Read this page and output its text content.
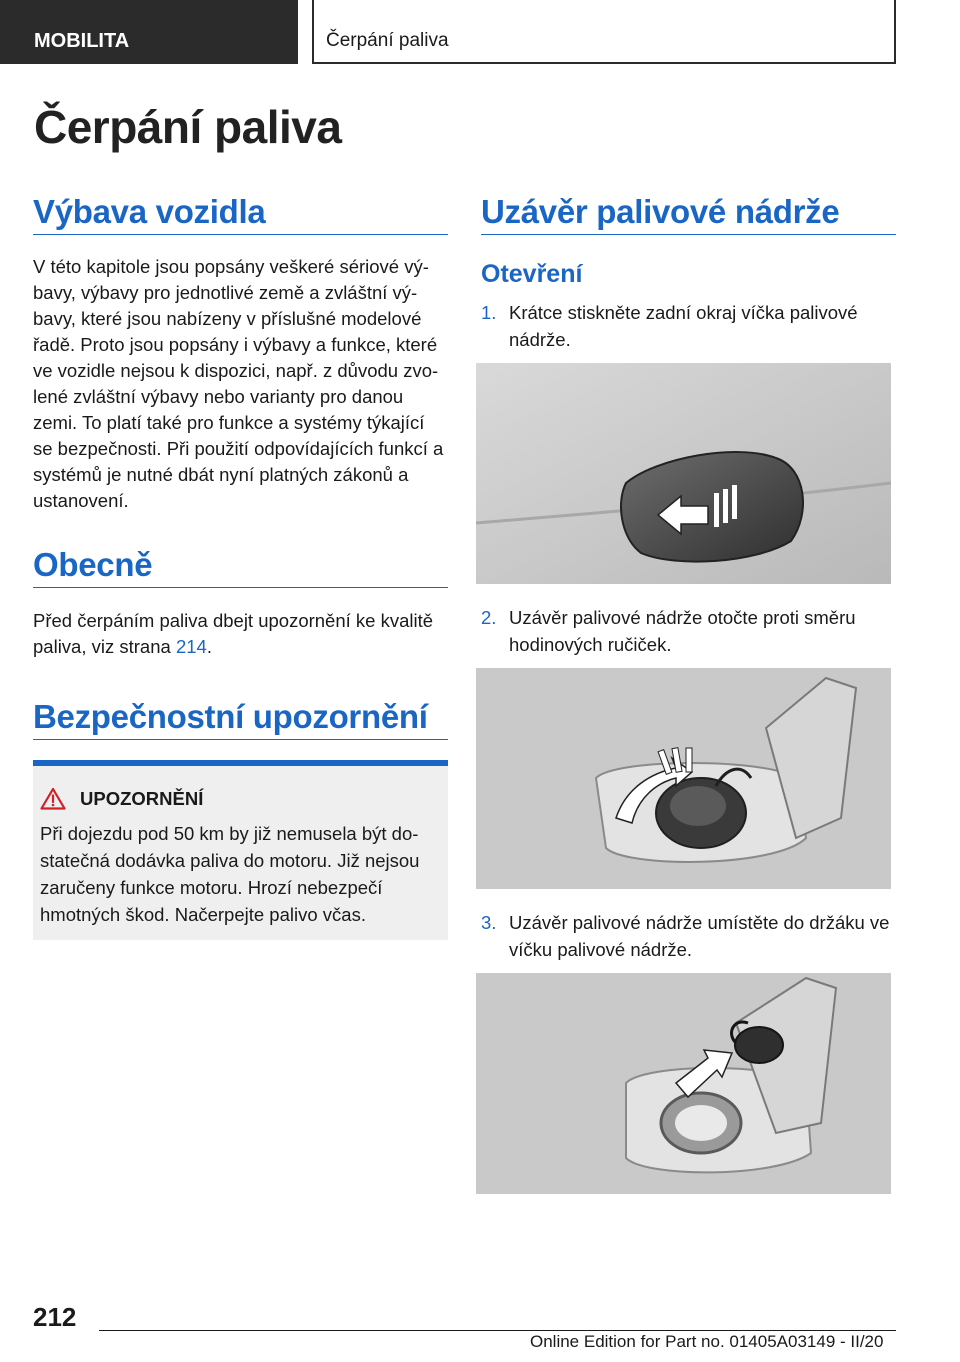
MOBILITA	Čerpání paliva
Čerpání paliva
Výbava vozidla
V této kapitole jsou popsány veškeré sériové vý‐
bavy, výbavy pro jednotlivé země a zvláštní vý‐
bavy, které jsou nabízeny v příslušné modelové
řadě. Proto jsou popsány i výbavy a funkce, které
ve vozidle nejsou k dispozici, např. z důvodu zvo‐
lené zvláštní výbavy nebo varianty pro danou
zemi. To platí také pro funkce a systémy týkající
se bezpečnosti. Při použití odpovídajících funkcí a
systémů je nutné dbát nyní platných zákonů a
ustanovení.
Obecně
Před čerpáním paliva dbejt upozornění ke kvalitě
paliva, viz strana 214.
Bezpečnostní upozornění
UPOZORNĚNÍ
Při dojezdu pod 50 km by již nemusela být do‐
statečná dodávka paliva do motoru. Již nejsou
zaručeny funkce motoru. Hrozí nebezpečí
hmotných škod. Načerpejte palivo včas.
Uzávěr palivové nádrže
Otevření
1. Krátce stiskněte zadní okraj víčka palivové
nádrže.
2. Uzávěr palivové nádrže otočte proti směru
hodinových ručiček.
3. Uzávěr palivové nádrže umístěte do držáku ve
víčku palivové nádrže.
212
Online Edition for Part no. 01405A03149 - II/20
